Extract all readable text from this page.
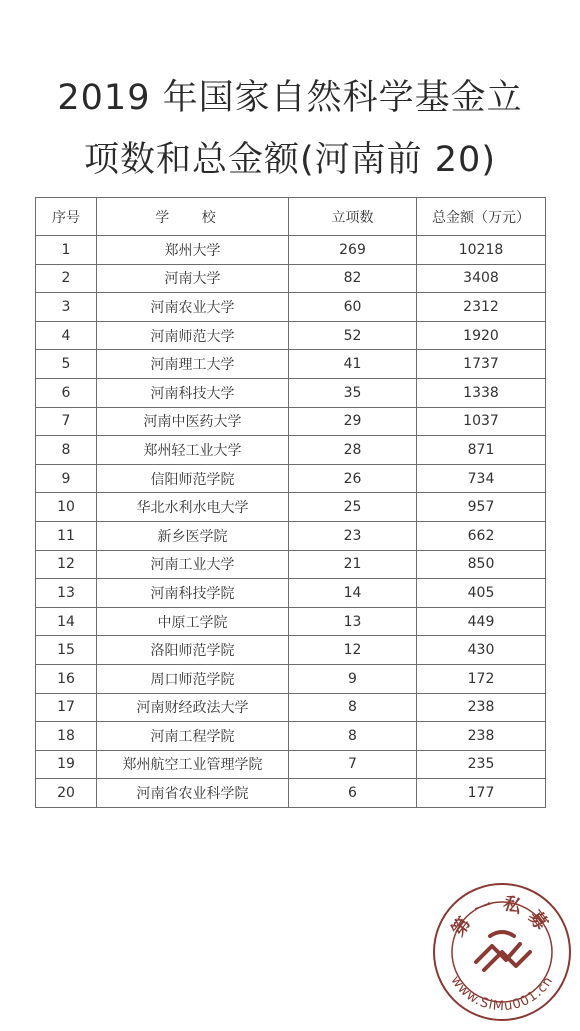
2019 年国家自然科学基金立
项数和总金额(河南前 20)
序号	学 校	立项数	总金额（万元）
1	郑州大学	269	10218
2	河南大学	82	3408
3	河南农业大学	60	2312
4	河南师范大学	52	1920
5	河南理工大学	41	1737
6	河南科技大学	35	1338
7	河南中医药大学	29	1037
8	郑州轻工业大学	28	871
9	信阳师范学院	26	734
10	华北水利水电大学	25	957
11	新乡医学院	23	662
12	河南工业大学	21	850
13	河南科技学院	14	405
14	中原工学院	13	449
15	洛阳师范学院	12	430
16	周口师范学院	9	172
17	河南财经政法大学	8	238
18	河南工程学院	8	238
19	郑州航空工业管理学院	7	235
20	河南省农业科学院	6	177
第一私募
www.SiMu001.cn
